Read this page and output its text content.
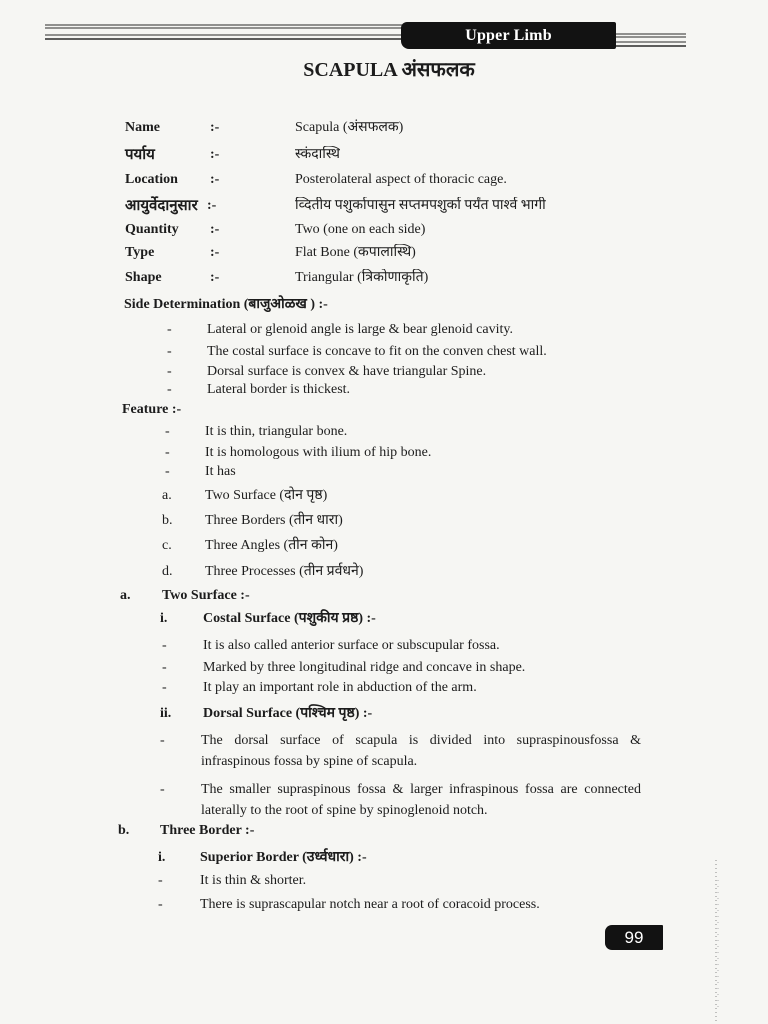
Upper Limb
SCAPULA अंसफलक
Name	:-	Scapula (अंसफलक)
पर्याय	:-	स्कंदास्थि
Location :-	Posterolateral aspect of thoracic cage.
आयुर्वेदानुसार :-	व्दितीय पशुर्कापासुन सप्तमपशुर्का पर्यंत पार्श्व भागी
Quantity :-	Two (one on each side)
Type	:-	Flat Bone (कपालास्थि)
Shape	:-	Triangular (त्रिकोणाकृति)
Side Determination (बाजुओळख ) :-
-	Lateral or glenoid angle is large & bear glenoid cavity.
-	The costal surface is concave to fit on the conven chest wall.
-	Dorsal surface is convex & have triangular Spine.
-	Lateral border is thickest.
Feature :-
-	It is thin, triangular bone.
-	It is homologous with ilium of hip bone.
-	It has
a. Two Surface (दोन पृष्ठ)
b. Three Borders (तीन धारा)
c. Three Angles (तीन कोन)
d. Three Processes (तीन प्रर्वधने)
a. Two Surface :-
i.	Costal Surface (पशुकीय प्रष्ठ) :-
-	It is also called anterior surface or subscupular fossa.
-	Marked by three longitudinal ridge and concave in shape.
-	It play an important role in abduction of the arm.
ii. Dorsal Surface (पश्चिम पृष्ठ) :-
-	The dorsal surface of scapula is divided into supraspinousfossa & infraspinous fossa by spine of scapula.
-	The smaller supraspinous fossa & larger infraspinous fossa are connected laterally to the root of spine by spinoglenoid notch.
b. Three Border :-
i. Superior Border (उर्ध्वधारा) :-
-	It is thin & shorter.
-	There is suprascapular notch near a root of coracoid process.
99
